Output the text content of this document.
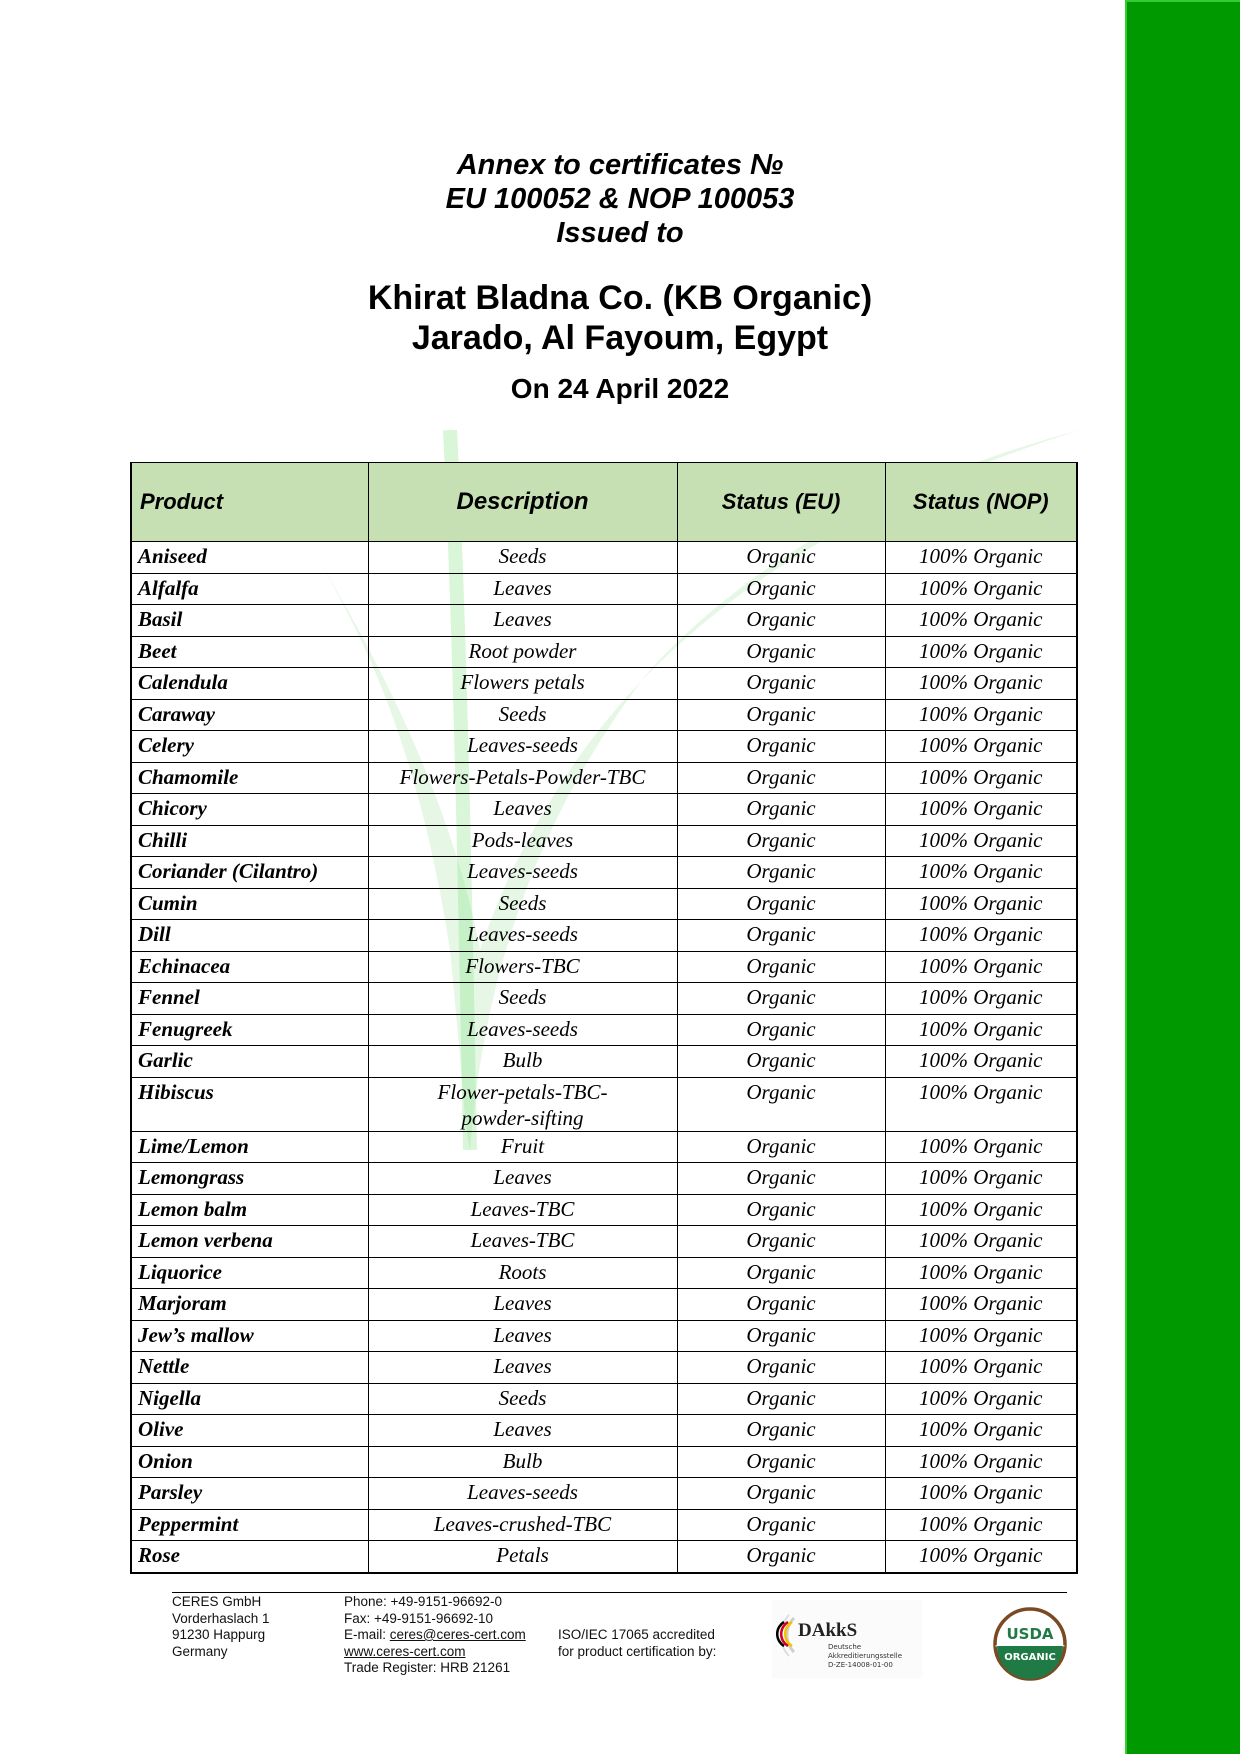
Annex to certificates №
EU 100052 & NOP 100053
Issued to
Khirat Bladna Co. (KB Organic)
Jarado, Al Fayoum, Egypt
On 24 April 2022
Product	Description	Status (EU)	Status (NOP)
Aniseed	Seeds	Organic	100% Organic
Alfalfa	Leaves	Organic	100% Organic
Basil	Leaves	Organic	100% Organic
Beet	Root powder	Organic	100% Organic
Calendula	Flowers petals	Organic	100% Organic
Caraway	Seeds	Organic	100% Organic
Celery	Leaves-seeds	Organic	100% Organic
Chamomile	Flowers-Petals-Powder-TBC	Organic	100% Organic
Chicory	Leaves	Organic	100% Organic
Chilli	Pods-leaves	Organic	100% Organic
Coriander (Cilantro)	Leaves-seeds	Organic	100% Organic
Cumin	Seeds	Organic	100% Organic
Dill	Leaves-seeds	Organic	100% Organic
Echinacea	Flowers-TBC	Organic	100% Organic
Fennel	Seeds	Organic	100% Organic
Fenugreek	Leaves-seeds	Organic	100% Organic
Garlic	Bulb	Organic	100% Organic
Hibiscus	Flower-petals-TBC-powder-sifting	Organic	100% Organic
Lime/Lemon	Fruit	Organic	100% Organic
Lemongrass	Leaves	Organic	100% Organic
Lemon balm	Leaves-TBC	Organic	100% Organic
Lemon verbena	Leaves-TBC	Organic	100% Organic
Liquorice	Roots	Organic	100% Organic
Marjoram	Leaves	Organic	100% Organic
Jew’s mallow	Leaves	Organic	100% Organic
Nettle	Leaves	Organic	100% Organic
Nigella	Seeds	Organic	100% Organic
Olive	Leaves	Organic	100% Organic
Onion	Bulb	Organic	100% Organic
Parsley	Leaves-seeds	Organic	100% Organic
Peppermint	Leaves-crushed-TBC	Organic	100% Organic
Rose	Petals	Organic	100% Organic
CERES GmbH
Vorderhaslach 1
91230 Happurg
Germany
Phone: +49-9151-96692-0
Fax: +49-9151-96692-10
E-mail: ceres@ceres-cert.com
www.ceres-cert.com
Trade Register: HRB 21261
ISO/IEC 17065 accredited
for product certification by:
DAkkS
Deutsche
Akkreditierungsstelle
D-ZE-14008-01-00
USDA
ORGANIC
